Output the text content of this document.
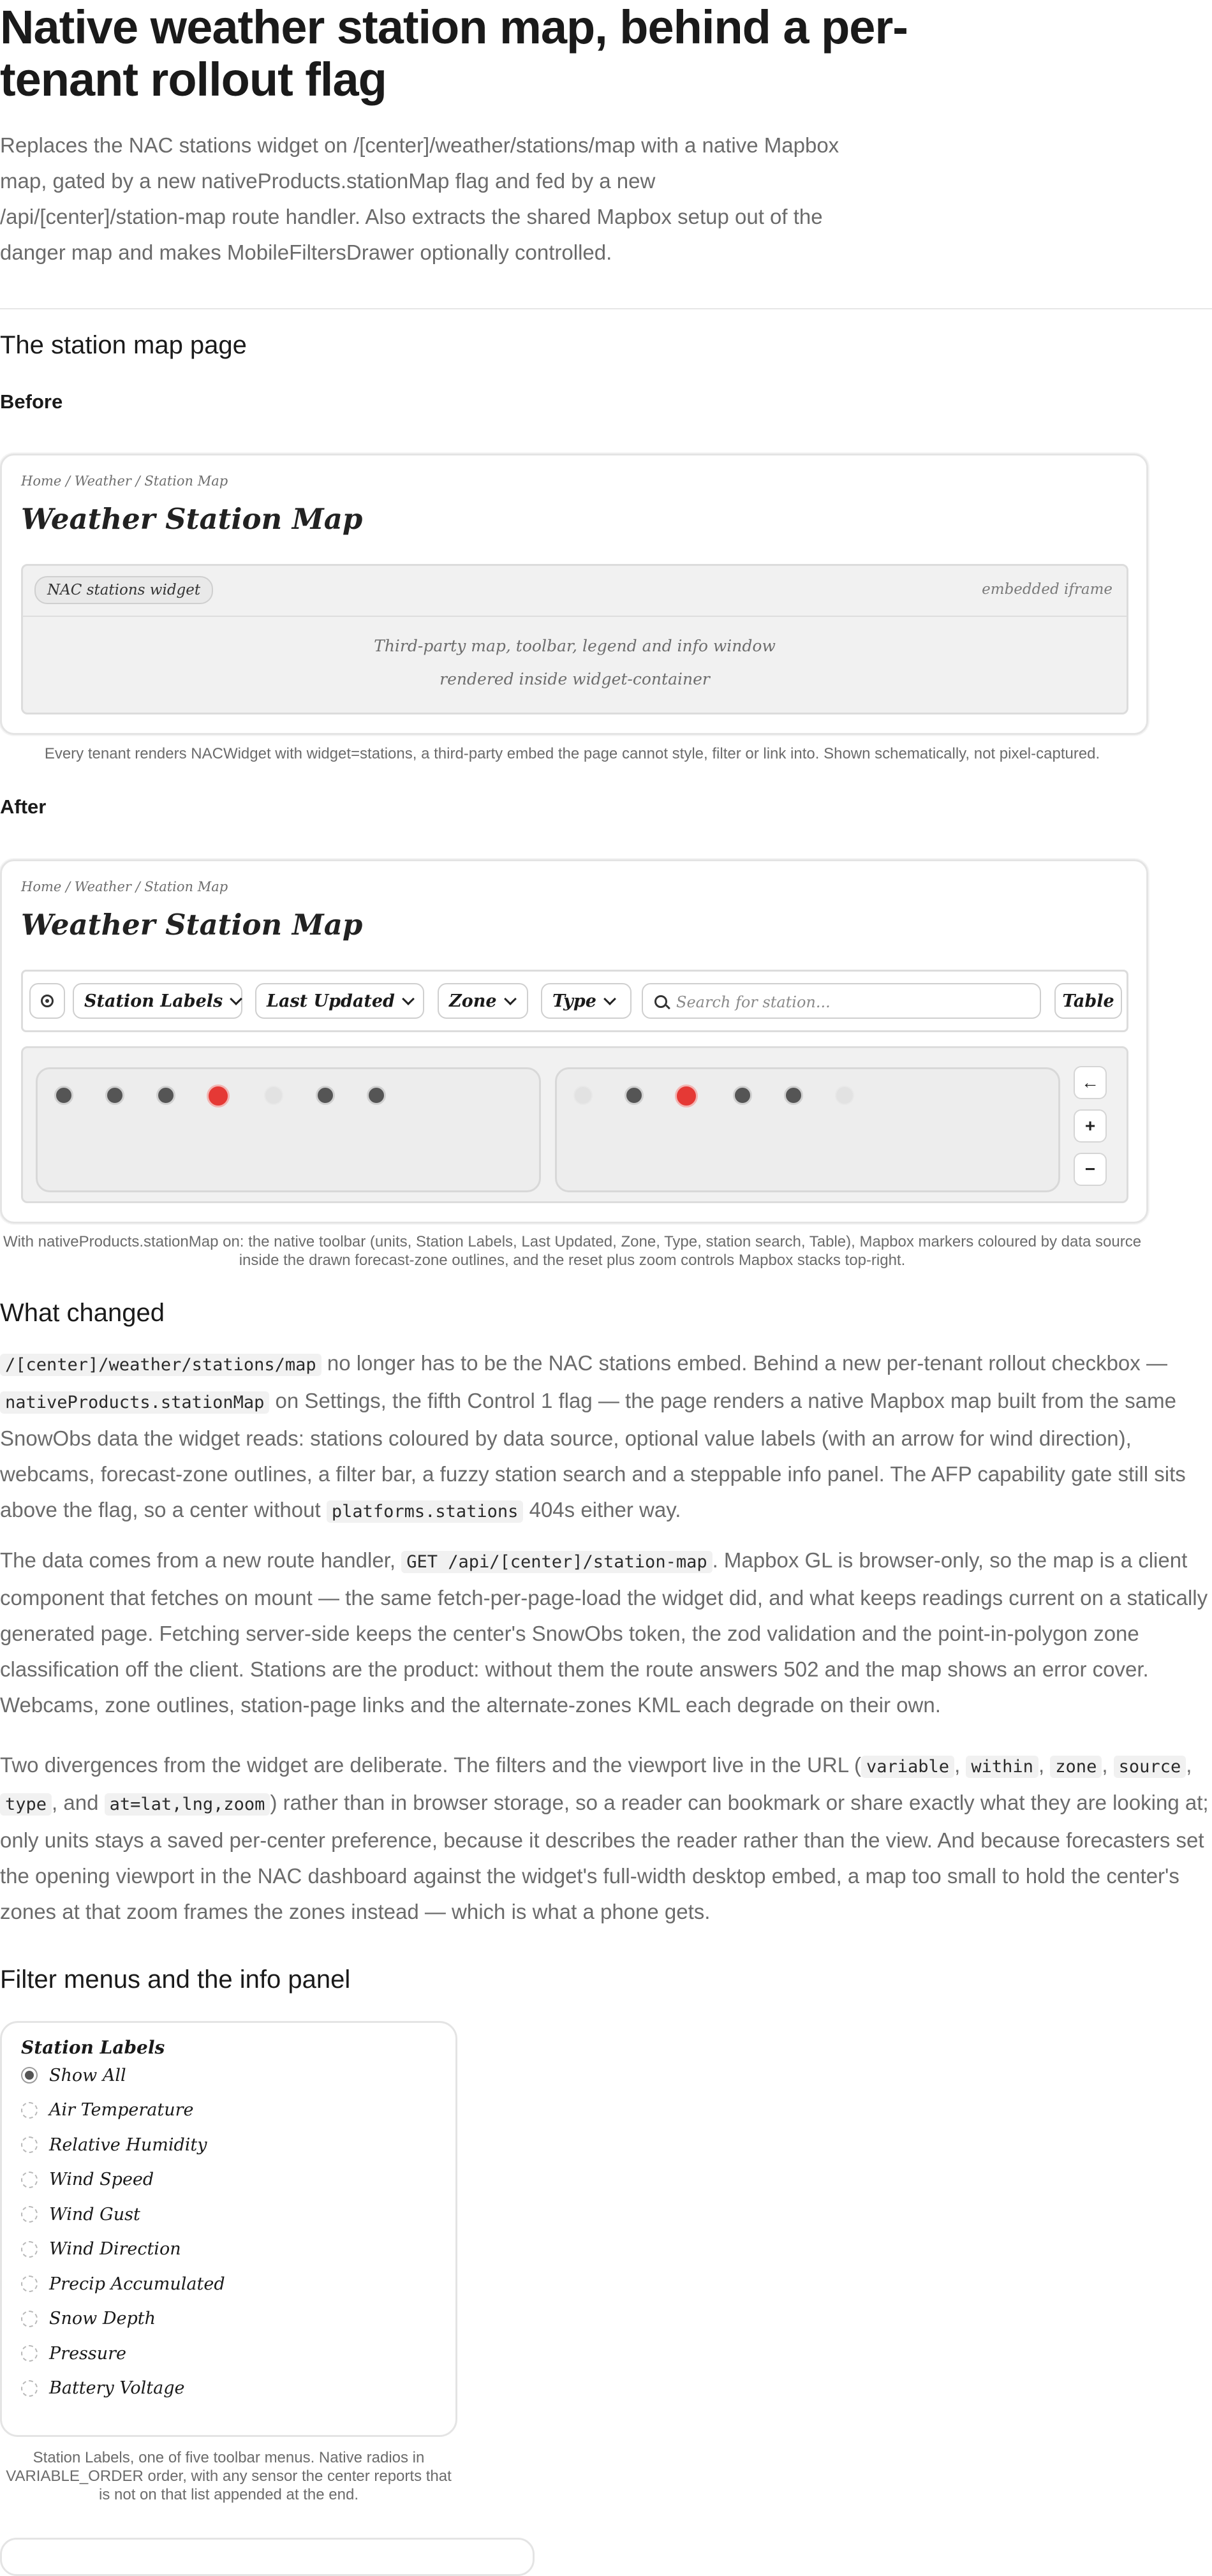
Native weather station map, behind a per-tenant rollout flag

Replaces the NAC stations widget on /[center]/weather/stations/map with a native Mapbox map, gated by a new nativeProducts.stationMap flag and fed by a new /api/[center]/station-map route handler. Also extracts the shared Mapbox setup out of the danger map and makes MobileFiltersDrawer optionally controlled.

The station map page
Before
Home / Weather / Station Map
Weather Station Map
NAC stations widget	embedded iframe
Third-party map, toolbar, legend and info window
rendered inside widget-container

Every tenant renders NACWidget with widget=stations, a third-party embed the page cannot style, filter or link into. Shown schematically, not pixel-captured.

After
Home / Weather / Station Map
Weather Station Map
Station Labels	Last Updated	Zone	Type	Search for station...	Table
←
+
−

With nativeProducts.stationMap on: the native toolbar (units, Station Labels, Last Updated, Zone, Type, station search, Table), Mapbox markers coloured by data source inside the drawn forecast-zone outlines, and the reset plus zoom controls Mapbox stacks top-right.

What changed

/[center]/weather/stations/map no longer has to be the NAC stations embed. Behind a new per-tenant rollout checkbox — nativeProducts.stationMap on Settings, the fifth Control 1 flag — the page renders a native Mapbox map built from the same SnowObs data the widget reads: stations coloured by data source, optional value labels (with an arrow for wind direction), webcams, forecast-zone outlines, a filter bar, a fuzzy station search and a steppable info panel. The AFP capability gate still sits above the flag, so a center without platforms.stations 404s either way.

The data comes from a new route handler, GET /api/[center]/station-map . Mapbox GL is browser-only, so the map is a client component that fetches on mount — the same fetch-per-page-load the widget did, and what keeps readings current on a statically generated page. Fetching server-side keeps the center's SnowObs token, the zod validation and the point-in-polygon zone classification off the client. Stations are the product: without them the route answers 502 and the map shows an error cover. Webcams, zone outlines, station-page links and the alternate-zones KML each degrade on their own.

Two divergences from the widget are deliberate. The filters and the viewport live in the URL ( variable , within , zone , source , type , and at=lat,lng,zoom ) rather than in browser storage, so a reader can bookmark or share exactly what they are looking at; only units stays a saved per-center preference, because it describes the reader rather than the view. And because forecasters set the opening viewport in the NAC dashboard against the widget's full-width desktop embed, a map too small to hold the center's zones at that zoom frames the zones instead — which is what a phone gets.

Filter menus and the info panel
Station Labels
Show All
Air Temperature
Relative Humidity
Wind Speed
Wind Gust
Wind Direction
Precip Accumulated
Snow Depth
Pressure
Battery Voltage

Station Labels, one of five toolbar menus. Native radios in VARIABLE_ORDER order, with any sensor the center reports that is not on that list appended at the end.
